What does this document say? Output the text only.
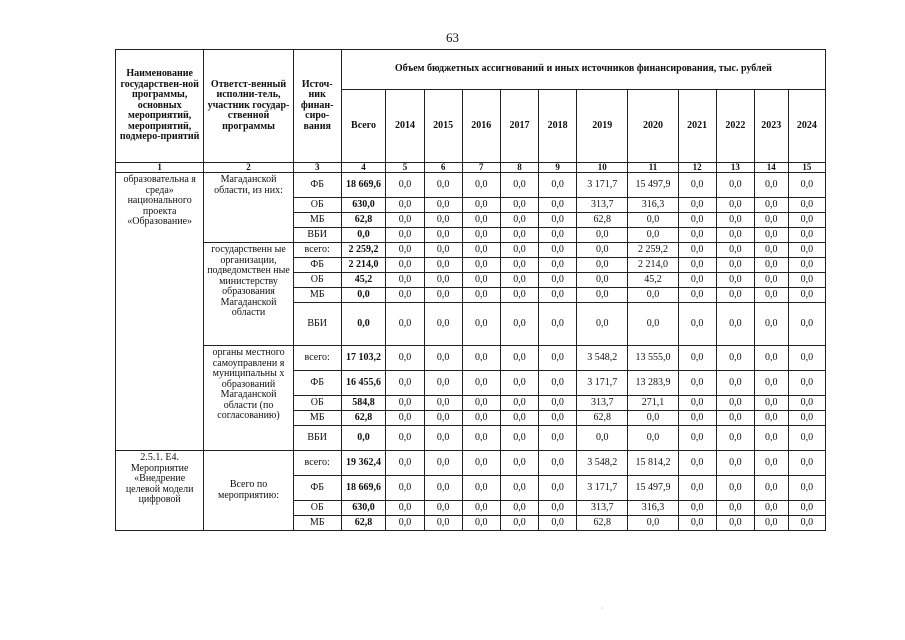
63
Наименование государствен-ной программы, основных мероприятий, мероприятий, подмеро-приятий	Ответст-венный исполни-тель, участник государ-ственной программы	Источ-ник финан-сиро-вания	Объем бюджетных ассигнований и иных источников финансирования, тыс. рублей											
			Всего	2014	2015	2016	2017	2018	2019	2020	2021	2022	2023	2024
1	2	3	4	5	6	7	8	9	10	11	12	13	14	15
образовательна я среда» национального проекта «Образование»	Магаданской области, из них:	ФБ	18 669,6	0,0	0,0	0,0	0,0	0,0	3 171,7	15 497,9	0,0	0,0	0,0	0,0
		ОБ	630,0	0,0	0,0	0,0	0,0	0,0	313,7	316,3	0,0	0,0	0,0	0,0
		МБ	62,8	0,0	0,0	0,0	0,0	0,0	62,8	0,0	0,0	0,0	0,0	0,0
		ВБИ	0,0	0,0	0,0	0,0	0,0	0,0	0,0	0,0	0,0	0,0	0,0	0,0
	государственн ые организации, подведомствен ные министерству образования Магаданской области	всего:	2 259,2	0,0	0,0	0,0	0,0	0,0	0,0	2 259,2	0,0	0,0	0,0	0,0
		ФБ	2 214,0	0,0	0,0	0,0	0,0	0,0	0,0	2 214,0	0,0	0,0	0,0	0,0
		ОБ	45,2	0,0	0,0	0,0	0,0	0,0	0,0	45,2	0,0	0,0	0,0	0,0
		МБ	0,0	0,0	0,0	0,0	0,0	0,0	0,0	0,0	0,0	0,0	0,0	0,0
		ВБИ	0,0	0,0	0,0	0,0	0,0	0,0	0,0	0,0	0,0	0,0	0,0	0,0
	органы местного самоуправлени я муниципальны х образований Магаданской области (по согласованию)	всего:	17 103,2	0,0	0,0	0,0	0,0	0,0	3 548,2	13 555,0	0,0	0,0	0,0	0,0
		ФБ	16 455,6	0,0	0,0	0,0	0,0	0,0	3 171,7	13 283,9	0,0	0,0	0,0	0,0
		ОБ	584,8	0,0	0,0	0,0	0,0	0,0	313,7	271,1	0,0	0,0	0,0	0,0
		МБ	62,8	0,0	0,0	0,0	0,0	0,0	62,8	0,0	0,0	0,0	0,0	0,0
		ВБИ	0,0	0,0	0,0	0,0	0,0	0,0	0,0	0,0	0,0	0,0	0,0	0,0
2.5.1. Е4. Мероприятие «Внедрение целевой модели цифровой	Всего по мероприятию:	всего:	19 362,4	0,0	0,0	0,0	0,0	0,0	3 548,2	15 814,2	0,0	0,0	0,0	0,0
		ФБ	18 669,6	0,0	0,0	0,0	0,0	0,0	3 171,7	15 497,9	0,0	0,0	0,0	0,0
		ОБ	630,0	0,0	0,0	0,0	0,0	0,0	313,7	316,3	0,0	0,0	0,0	0,0
		МБ	62,8	0,0	0,0	0,0	0,0	0,0	62,8	0,0	0,0	0,0	0,0	0,0
·
